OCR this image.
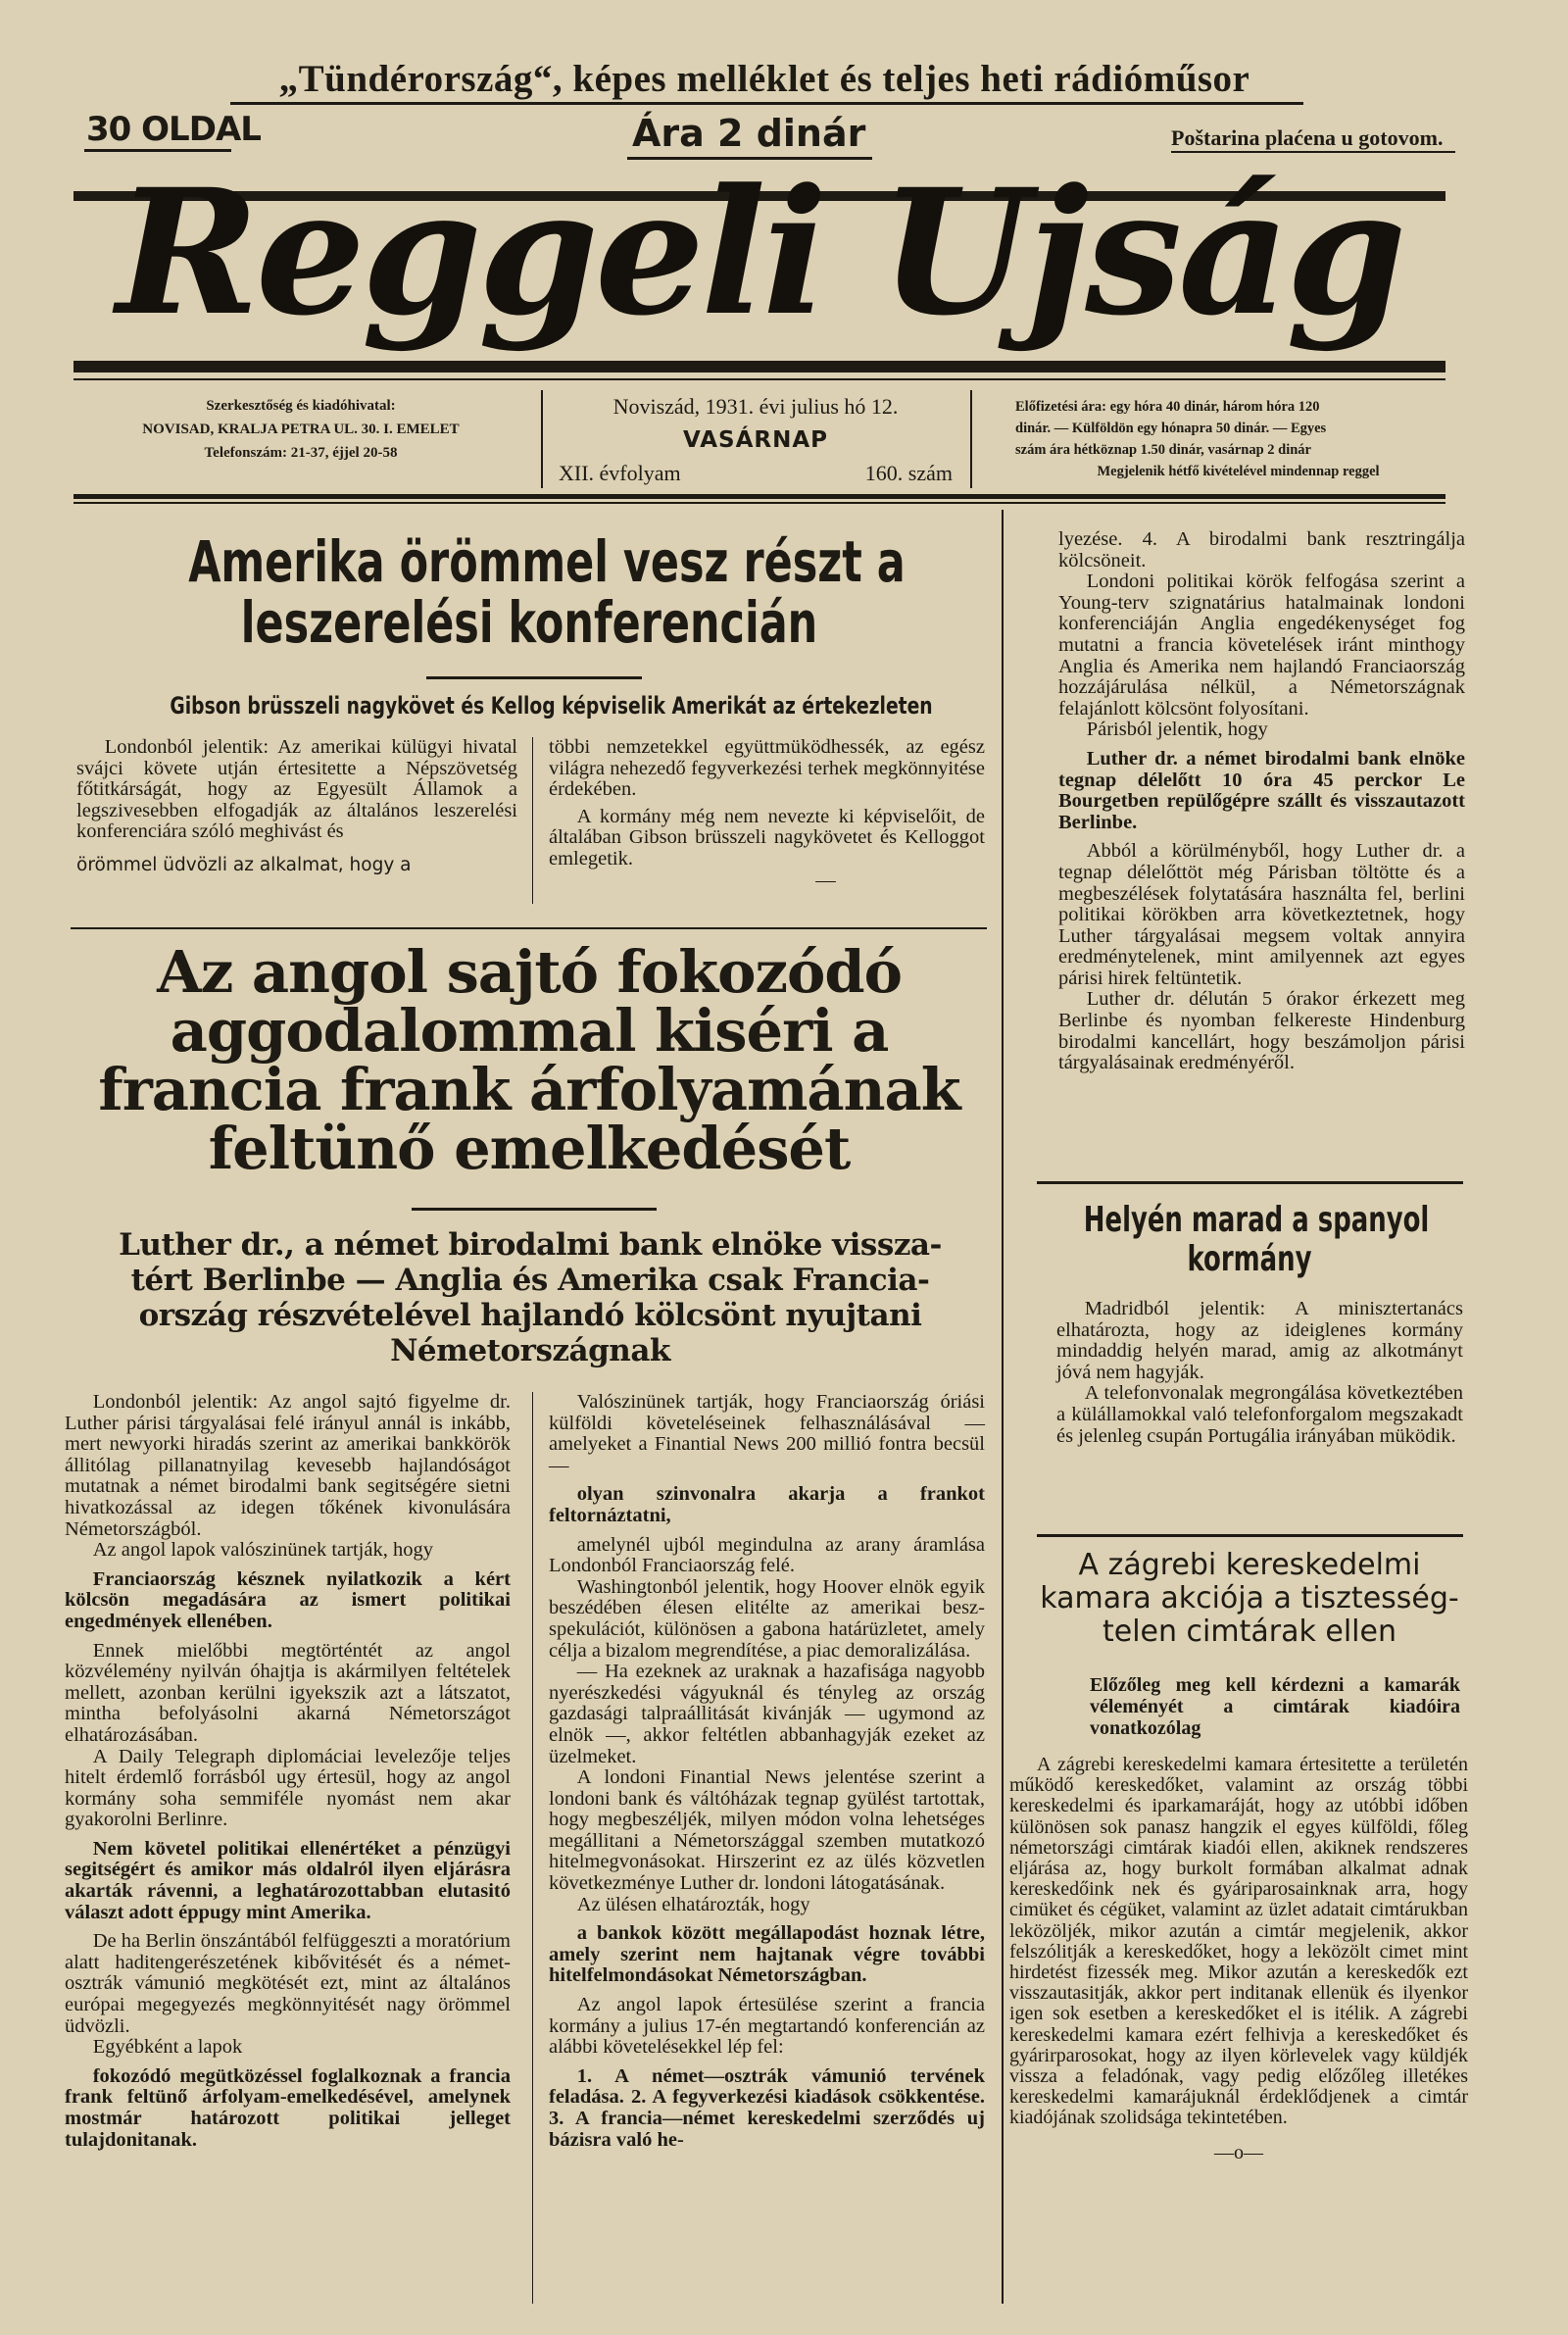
„Tündérország“, képes melléklet és teljes heti rádióműsor
30 OLDAL	Ára 2 dinár	Poštarina plaćena u gotovom.
Reggeli Ujság
Szerkesztőség és kiadóhivatal:
NOVISAD, KRALJA PETRA UL. 30. I. EMELET
Telefonszám: 21-37, éjjel 20-58
Noviszád, 1931. évi julius hó 12.
VASÁRNAP
XII. évfolyam	160. szám
Előfizetési ára: egy hóra 40 dinár, három hóra 120
dinár. — Külföldön egy hónapra 50 dinár. — Egyes
szám ára hétköznap 1.50 dinár, vasárnap 2 dinár
Megjelenik hétfő kivételével mindennap reggel
Amerika örömmel vesz részt a
leszerelési konferencián
Gibson brüsszeli nagykövet és Kellog képviselik Amerikát az értekezleten

Londonból jelentik: Az amerikai külügyi hivatal svájci követe utján értesitette a Népszövetség főtitkárságát, hogy az Egyesült Államok a legszivesebben elfogadják az általános leszerelési konferenciára szóló meghivást és

örömmel üdvözli az alkalmat, hogy a

többi nemzetekkel együttmüködhessék, az egész világra nehezedő fegyverkezési terhek megkönnyitése érdekében.

A kormány még nem nevezte ki képviselőit, de általában Gibson brüsszeli nagykövetet és Kelloggot emlegetik.

—

Az angol sajtó fokozódó
aggodalommal kiséri a
francia frank árfolyamának
feltünő emelkedését
Luther dr., a német birodalmi bank elnöke vissza-
tért Berlinbe — Anglia és Amerika csak Francia-
ország részvételével hajlandó kölcsönt nyujtani
Németországnak

Londonból jelentik: Az angol sajtó figyelme dr. Luther párisi tárgyalásai felé irányul annál is inkább, mert newyorki hiradás szerint az amerikai bankkörök állitólag pillanatnyilag kevesebb hajlandóságot mutatnak a német birodalmi bank segitségére sietni hivatkozással az idegen tőkének kivonulására Németországból.

Az angol lapok valószinünek tartják, hogy

Franciaország késznek nyilatkozik a kért kölcsön megadására az ismert politikai engedmények ellenében.

Ennek mielőbbi megtörténtét az angol közvélemény nyilván óhajtja is akármilyen feltételek mellett, azonban kerülni igyekszik azt a látszatot, mintha befolyásolni akarná Németországot elhatározásában.

A Daily Telegraph diplomáciai levelezője teljes hitelt érdemlő forrásból ugy értesül, hogy az angol kormány soha semmiféle nyomást nem akar gyakorolni Berlinre.

Nem követel politikai ellenértéket a pénzügyi segitségért és amikor más oldalról ilyen eljárásra akarták rávenni, a leghatározottabban elutasitó választ adott éppugy mint Amerika.

De ha Berlin önszántából felfüggeszti a moratórium alatt haditengerészetének kibővitését és a német-osztrák vámunió megkötését ezt, mint az általános európai megegyezés megkönnyitését nagy örömmel üdvözli.

Egyébként a lapok

fokozódó megütközéssel foglalkoznak a francia frank feltünő árfolyam-emelkedésével, amelynek mostmár határozott politikai jelleget tulajdonitanak.

Valószinünek tartják, hogy Franciaország óriási külföldi követeléseinek felhasználásával — amelyeket a Finantial News 200 millió fontra becsül —

olyan szinvonalra akarja a frankot feltornáztatni,

amelynél ujból megindulna az arany áramlása Londonból Franciaország felé.

Washingtonból jelentik, hogy Hoover elnök egyik beszédében élesen elitélte az amerikai besz-spekulációt, különösen a gabona határüzletet, amely célja a bizalom megrendítése, a piac demoralizálása.

— Ha ezeknek az uraknak a hazafisága nagyobb nyerészkedési vágyuknál és tényleg az ország gazdasági talpraállitását kivánják — ugymond az elnök —, akkor feltétlen abbanhagyják ezeket az üzelmeket.

A londoni Finantial News jelentése szerint a londoni bank és váltóházak tegnap gyülést tartottak, hogy megbeszéljék, milyen módon volna lehetséges megállitani a Németországgal szemben mutatkozó hitelmegvonásokat. Hirszerint ez az ülés közvetlen következménye Luther dr. londoni látogatásának.

Az ülésen elhatározták, hogy

a bankok között megállapodást hoznak létre, amely szerint nem hajtanak végre további hitelfelmondásokat Németországban.

Az angol lapok értesülése szerint a francia kormány a julius 17-én megtartandó konferencián az alábbi követelésekkel lép fel:

1. A német—osztrák vámunió tervének feladása. 2. A fegyverkezési kiadások csökkentése. 3. A francia—német kereskedelmi szerződés uj bázisra való he-

lyezése. 4. A birodalmi bank resztringálja kölcsöneit.

Londoni politikai körök felfogása szerint a Young-terv szignatárius hatalmainak londoni konferenciáján Anglia engedékenységet fog mutatni a francia követelések iránt minthogy Anglia és Amerika nem hajlandó Franciaország hozzájárulása nélkül, a Németországnak felajánlott kölcsönt folyosítani.

Párisból jelentik, hogy

Luther dr. a német birodalmi bank elnöke tegnap délelőtt 10 óra 45 perckor Le Bourgetben repülőgépre szállt és visszautazott Berlinbe.

Abból a körülményből, hogy Luther dr. a tegnap délelőttöt még Párisban töltötte és a megbeszélések folytatására használta fel, berlini politikai körökben arra következtetnek, hogy Luther tárgyalásai megsem voltak annyira eredménytelenek, mint amilyennek azt egyes párisi hirek feltüntetik.

Luther dr. délután 5 órakor érkezett meg Berlinbe és nyomban felkereste Hindenburg birodalmi kancellárt, hogy beszámoljon párisi tárgyalásainak eredményéről.

Helyén marad a spanyol
kormány

Madridból jelentik: A minisztertanács elhatározta, hogy az ideiglenes kormány mindaddig helyén marad, amig az alkotmányt jóvá nem hagyják.

A telefonvonalak megrongálása következtében a külállamokkal való telefonforgalom megszakadt és jelenleg csupán Portugália irányában müködik.

A zágrebi kereskedelmi
kamara akciója a tisztesség-
telen cimtárak ellen

Előzőleg meg kell kérdezni a kamarák véleményét a cimtárak kiadóira vonatkozólag

A zágrebi kereskedelmi kamara értesitette a területén működő kereskedőket, valamint az ország többi kereskedelmi és iparkamaráját, hogy az utóbbi időben különösen sok panasz hangzik el egyes külföldi, főleg németországi cimtárak kiadói ellen, akiknek rendszeres eljárása az, hogy burkolt formában alkalmat adnak kereskedőink nek és gyáriparosainknak arra, hogy cimüket és cégüket, valamint az üzlet adatait cimtárukban leközöljék, mikor azután a cimtár megjelenik, akkor felszólitják a kereskedőket, hogy a leközölt cimet mint hirdetést fizessék meg. Mikor azután a kereskedők ezt visszautasitják, akkor pert inditanak ellenük és ilyenkor igen sok esetben a kereskedőket el is itélik. A zágrebi kereskedelmi kamara ezért felhivja a kereskedőket és gyárirparosokat, hogy az ilyen körlevelek vagy küldjék vissza a feladónak, vagy pedig előzőleg illetékes kereskedelmi kamarájuknál érdeklődjenek a cimtár kiadójának szolidsága tekintetében.

—o—
